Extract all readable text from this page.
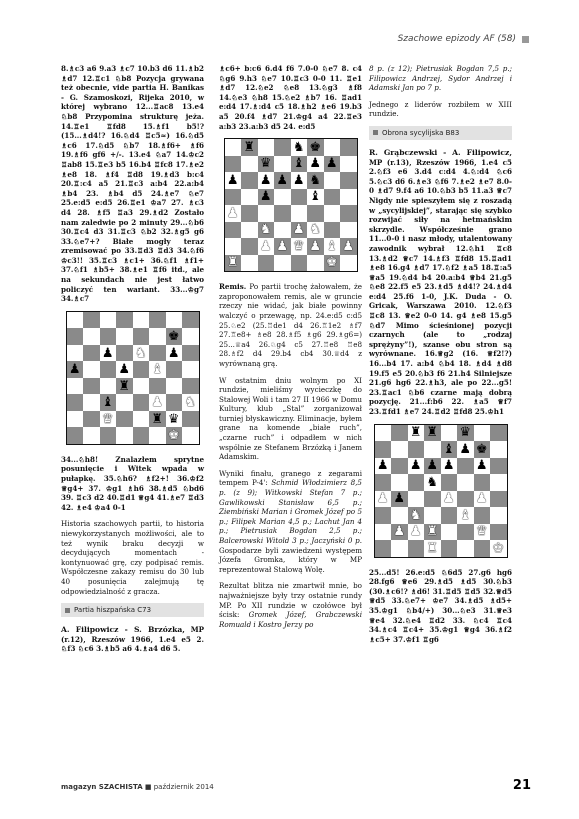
Szachowe epizody AF (58)

8.♗c3 a6 9.a3 ♗c7 10.b3 d6 11.♗b2 ♗d7 12.♖c1 ♘b8 Pozycja grywana też obecnie, vide partia H. Banikas - G. Szamoskozi, Rijeka 2010, w której wybrano 12...♖ac8 13.e4 ♘b8 Przypomina strukturę jeża. 14.♖e1 ♖fd8 15.♗f1 b5!? (15...♗d4!? 16.♘d4 ♖c5≈) 16.♘d5 ♗c6 17.♘d5 ♘b7 18.♗f6+ ♗f6 19.♗f6 gf6 +/-. 13.e4 ♘a7 14.♔c2 ♖ab8 15.♖e3 b5 16.b4 ♖fc8 17.♗e2 ♗e8 18. ♗f4 ♖d8 19.♗d3 b:c4 20.♖:c4 a5 21.♖c3 a:b4 22.a:b4 ♗b4 23. ♗b4 d5 24.♗e7 ♘e7 25.e:d5 e:d5 26.♖e1 ♔a7 27. ♗c3 d4 28. ♗f5 ♖a3 29.♗d2 Zostało nam zaledwie po 2 minuty 29...♘b6 30.♖c4 d3 31.♖c3 ♘b2 32.♗g5 g6 33.♘e7+? Białe mogły teraz zremisować po 33.♖d3 ♖d3 34.♘f6 ♔c3!! 35.♖c3 ♗c1+ 36.♘f1 ♗f1+ 37.♘f1 ♗b5+ 38.♗e1 ♖f6 itd., ale na sekundach nie jest łatwo policzyć ten wariant. 33...♔g7 34.♗c7

♚
♟ ♞ ♟
♟	♟ ♝
♜
♝	♟ ♞
♛	♜ ♛
♚

34...♘h8! Znalazłem sprytne posunięcie i Witek wpada w pułapkę. 35.♘h6? ♗f2+! 36.♔f2 ♕g4+ 37. ♔g1 ♗h6 38.♗d5 ♘bd6 39. ♖c3 d2 40.♖d1 ♕g4 41.♗e7 ♖d3 42. ♗e4 ♔a4 0-1

Historia szachowych partii, to historia niewykorzystanych możliwości, ale to też wynik braku decyzji w decydujących momentach - kontynuować grę, czy podpisać remis. Współczesne zakazy remisu do 30 lub 40 posunięcia zalejmują tę odpowiedzialność z gracza.

Partia hiszpańska C73

A. Filipowicz - S. Brzózka, MP (r.12), Rzeszów 1966, 1.e4 e5 2. ♘f3 ♘c6 3.♗b5 a6 4.♗a4 d6 5.

♗c6+ b:c6 6.d4 f6 7.0-0 ♘e7 8. c4 ♘g6 9.h3 ♘e7 10.♖c3 0-0 11. ♖e1 ♗d7 12.♘e2 ♘e8 13.♘g3 ♗f8 14.♘e3 ♘h8 15.♘e2 ♗b7 16. ♖ad1 e:d4 17.♗:d4 c5 18.♗h2 ♗e6 19.b3 a5 20.f4 ♗d7 21.♔g4 a4 22.♖e3 a:b3 23.a:b3 d5 24. e:d5

♜	♞ ♚
♛ ♝ ♟ ♟
♟ ♟ ♟ ♟ ♞
♟	♝
♟
♞ ♟ ♞
♟ ♟ ♛ ♟ ♝ ♟
♜	♚

Remis. Po partii trochę żałowałem, że zaproponowałem remis, ale w gruncie rzeczy nie widać, jak białe powinny walczyć o przewagę, np. 24.e:d5 c:d5 25.♘e2 (25.♖de1 d4 26.♖1e2 ♗f7 27.♖e8+ ♗e8 28.♗f5 ♗g6 29.♗g6=) 25...♕a4 26.♘g4 c5 27.♖e8 ♖e8 28.♗f2 d4 29.b4 cb4 30.♕d4 z wyrównaną grą.

W ostatnim dniu wolnym po XI rundzie, mieliśmy wycieczkę do Stalowej Woli i tam 27 II 1966 w Domu Kultury, klub „Stal” zorganizował turniej błyskawiczny. Eliminacje, byłem grane na komende „białe ruch”, „czarne ruch” i odpadłem w nich wspólnie ze Stefanem Brzózką i Janem Adamskim.

Wyniki finału, granego z zegarami tempem P-4': Schmid Włodzimierz 8,5 p. (z 9); Witkowski Stefan 7 p.; Gawlikowski Stanisław 6,5 p.; Ziembiński Marian i Gromek Józef po 5 p.; Filipek Marian 4,5 p.; Lachut Jan 4 p.; Pietrusiak Bogdan 2,5 p.; Balcerowski Witold 3 p.; Jaczyński 0 p. Gospodarze byli zawiedzeni występem Józefa Gromka, który w MP reprezentował Stalową Wolę.

Rezultat blitza nie zmartwił mnie, bo najważniejsze były trzy ostatnie rundy MP. Po XII rundzie w czołówce był ścisk: Gromek Józef, Grabczewski Romuald i Kostro Jerzy po

8 p. (z 12); Pietrusiak Bogdan 7,5 p.; Filipowicz Andrzej, Sydor Andrzej i Adamski Jan po 7 p.

Jednego z liderów rozbiłem w XIII rundzie.

Obrona sycylijska B83

R. Grąbczewski - A. Filipowicz, MP (r.13), Rzeszów 1966, 1.e4 c5 2.♘f3 e6 3.d4 c:d4 4.♘:d4 ♘c6 5.♘c3 d6 6.♗e3 ♘f6 7.♗e2 ♗e7 8.0-0 ♗d7 9.f4 a6 10.♘b3 b5 11.a3 ♕c7 Nigdy nie spieszyłem się z roszadą w „sycylijskiej”, starając się szybko rozwijać siły na hetmańskim skrzydle. Współcześnie grano 11...0-0 i nasz młody, utalentowany zawodnik wybrał 12.♘h1 ♖c8 13.♗d2 ♕c7 14.♗f3 ♖fd8 15.♖ad1 ♗e8 16.g4 ♗d7 17.♘f2 ♗a5 18.♖:a5 ♕a5 19.♘d4 b4 20.a:b4 ♕b4 21.g5 ♘e8 22.f5 e5 23.♗d5 ♗d4!? 24.♗d4 e:d4 25.f6 1-0, J.K. Duda - O. Gricak, Warszawa 2010. 12.♘f3 ♖c8 13. ♕e2 0-0 14. g4 ♗e8 15.g5 ♘d7 Mimo ścieśnionej pozycji czarnych (ale to „rodzaj sprężyny”!), szanse obu stron są wyrównane. 16.♕g2 (16. ♕f2!?) 16...b4 17. a:b4 ♘b4 18. ♗d4 ♗d8 19.f5 e5 20.♘b3 f6 21.h4 Silniejsze 21.g6 hg6 22.♗h3, ale po 22...g5! 23.♖ac1 ♘b6 czarne mają dobrą pozycję. 21...f:b6 22. ♗a5 ♕f7 23.♖fd1 ♗e7 24.♖d2 ♖fd8 25.♔h1

♜ ♜ ♛
♝ ♟ ♚
♟ ♟ ♟ ♟ ♟
♞
♟ ♟	♟ ♟
♞	♝
♟ ♟ ♜	♛
♜	♚

25...d5! 26.e:d5 ♘6d5 27.g6 hg6 28.fg6 ♕e6 29.♗d5 ♗d5 30.♘b3 (30.♗c6!? ♗d6! 31.♖d5 ♖d5 32.♕d5 ♕d5 33.♘e7+ ♔e7 34.♗d5 ♗d5+ 35.♔g1 ♘b4/+) 30...♘e3 31.♕e3 ♕e4 32.♘e4 ♖d2 33. ♘c4 ♖c4 34.♗c4 ♖c4+ 35.♔g1 ♕g4 36.♗f2 ♗c5+ 37.♔f1 ♖g6

magazyn SZACHISTA ■ październik 2014	21
